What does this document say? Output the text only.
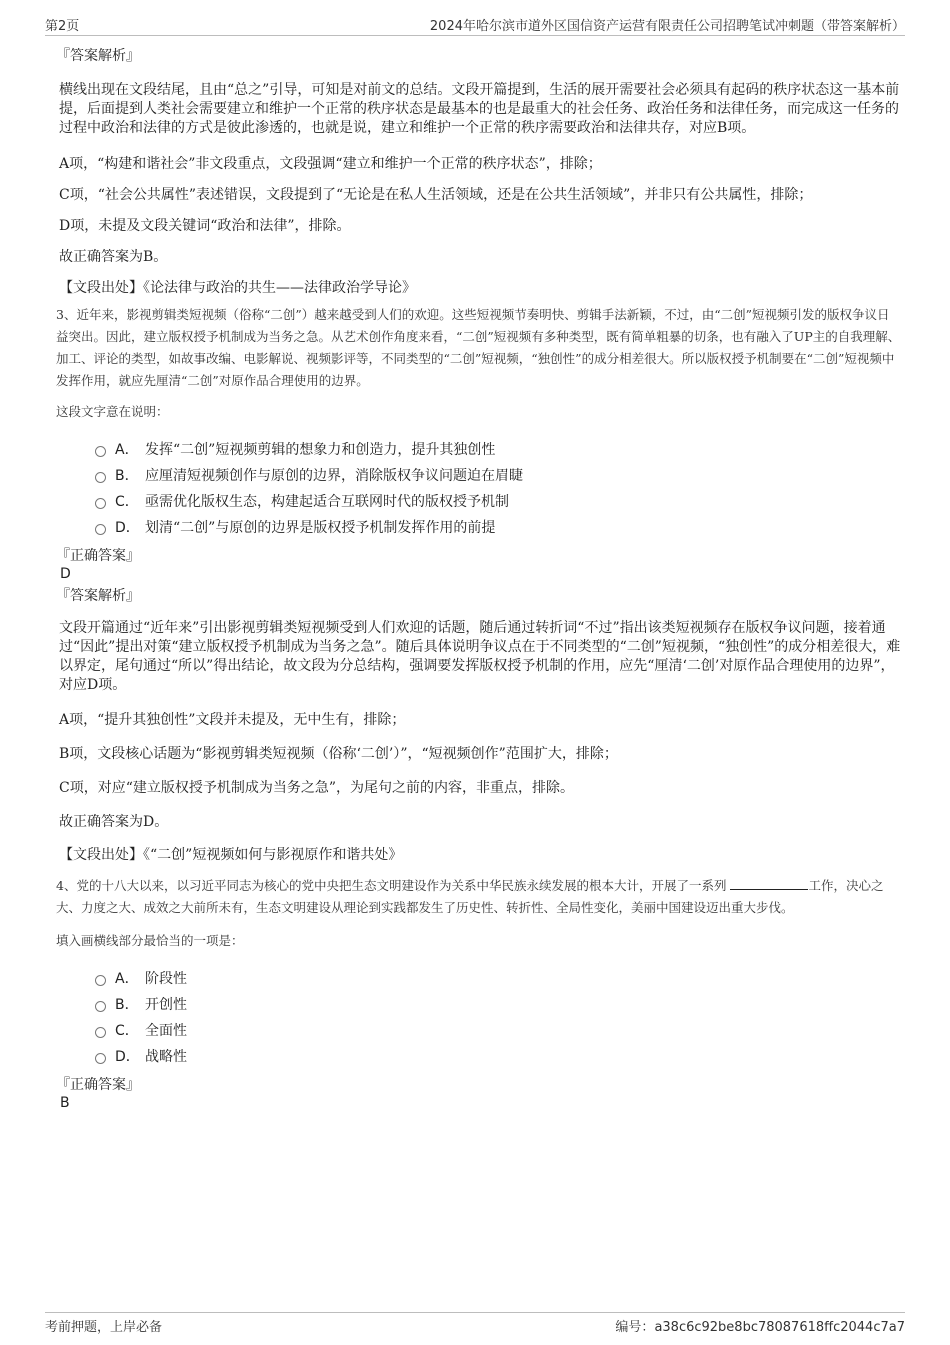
第2页	2024年哈尔滨市道外区国信资产运营有限责任公司招聘笔试冲刺题（带答案解析）

『答案解析』

横线出现在文段结尾，且由“总之”引导，可知是对前文的总结。文段开篇提到，生活的展开需要社会必须具有起码的秩序状态这一基本前提，后面提到人类社会需要建立和维护一个正常的秩序状态是最基本的也是最重大的社会任务、政治任务和法律任务，而完成这一任务的过程中政治和法律的方式是彼此渗透的，也就是说，建立和维护一个正常的秩序需要政治和法律共存，对应B项。

A项，“构建和谐社会”非文段重点，文段强调“建立和维护一个正常的秩序状态”，排除；

C项，“社会公共属性”表述错误，文段提到了“无论是在私人生活领域，还是在公共生活领域”，并非只有公共属性，排除；

D项，未提及文段关键词“政治和法律”，排除。

故正确答案为B。

【文段出处】《论法律与政治的共生——法律政治学导论》

3、近年来，影视剪辑类短视频（俗称“二创”）越来越受到人们的欢迎。这些短视频节奏明快、剪辑手法新颖，不过，由“二创”短视频引发的版权争议日益突出。因此，建立版权授予机制成为当务之急。从艺术创作角度来看，“二创”短视频有多种类型，既有简单粗暴的切条，也有融入了UP主的自我理解、加工、评论的类型，如故事改编、电影解说、视频影评等，不同类型的“二创”短视频，“独创性”的成分相差很大。所以版权授予机制要在“二创”短视频中发挥作用，就应先厘清“二创”对原作品合理使用的边界。

这段文字意在说明：

A． 发挥“二创”短视频剪辑的想象力和创造力，提升其独创性
B． 应厘清短视频创作与原创的边界，消除版权争议问题迫在眉睫
C． 亟需优化版权生态，构建起适合互联网时代的版权授予机制
D． 划清“二创”与原创的边界是版权授予机制发挥作用的前提

『正确答案』

D

『答案解析』

文段开篇通过“近年来”引出影视剪辑类短视频受到人们欢迎的话题，随后通过转折词“不过”指出该类短视频存在版权争议问题，接着通过“因此”提出对策“建立版权授予机制成为当务之急”。随后具体说明争议点在于不同类型的“二创”短视频，“独创性”的成分相差很大，难以界定，尾句通过“所以”得出结论，故文段为分总结构，强调要发挥版权授予机制的作用，应先“厘清‘二创’对原作品合理使用的边界”，对应D项。

A项，“提升其独创性”文段并未提及，无中生有，排除；

B项，文段核心话题为“影视剪辑类短视频（俗称‘二创’）”，“短视频创作”范围扩大，排除；

C项，对应“建立版权授予机制成为当务之急”，为尾句之前的内容，非重点，排除。

故正确答案为D。

【文段出处】《“二创”短视频如何与影视原作和谐共处》

4、党的十八大以来，以习近平同志为核心的党中央把生态文明建设作为关系中华民族永续发展的根本大计，开展了一系列	工作，决心之大、力度之大、成效之大前所未有，生态文明建设从理论到实践都发生了历史性、转折性、全局性变化，美丽中国建设迈出重大步伐。

填入画横线部分最恰当的一项是：

A． 阶段性
B． 开创性
C． 全面性
D． 战略性

『正确答案』

B

考前押题，上岸必备	编号：a38c6c92be8bc78087618ffc2044c7a7
